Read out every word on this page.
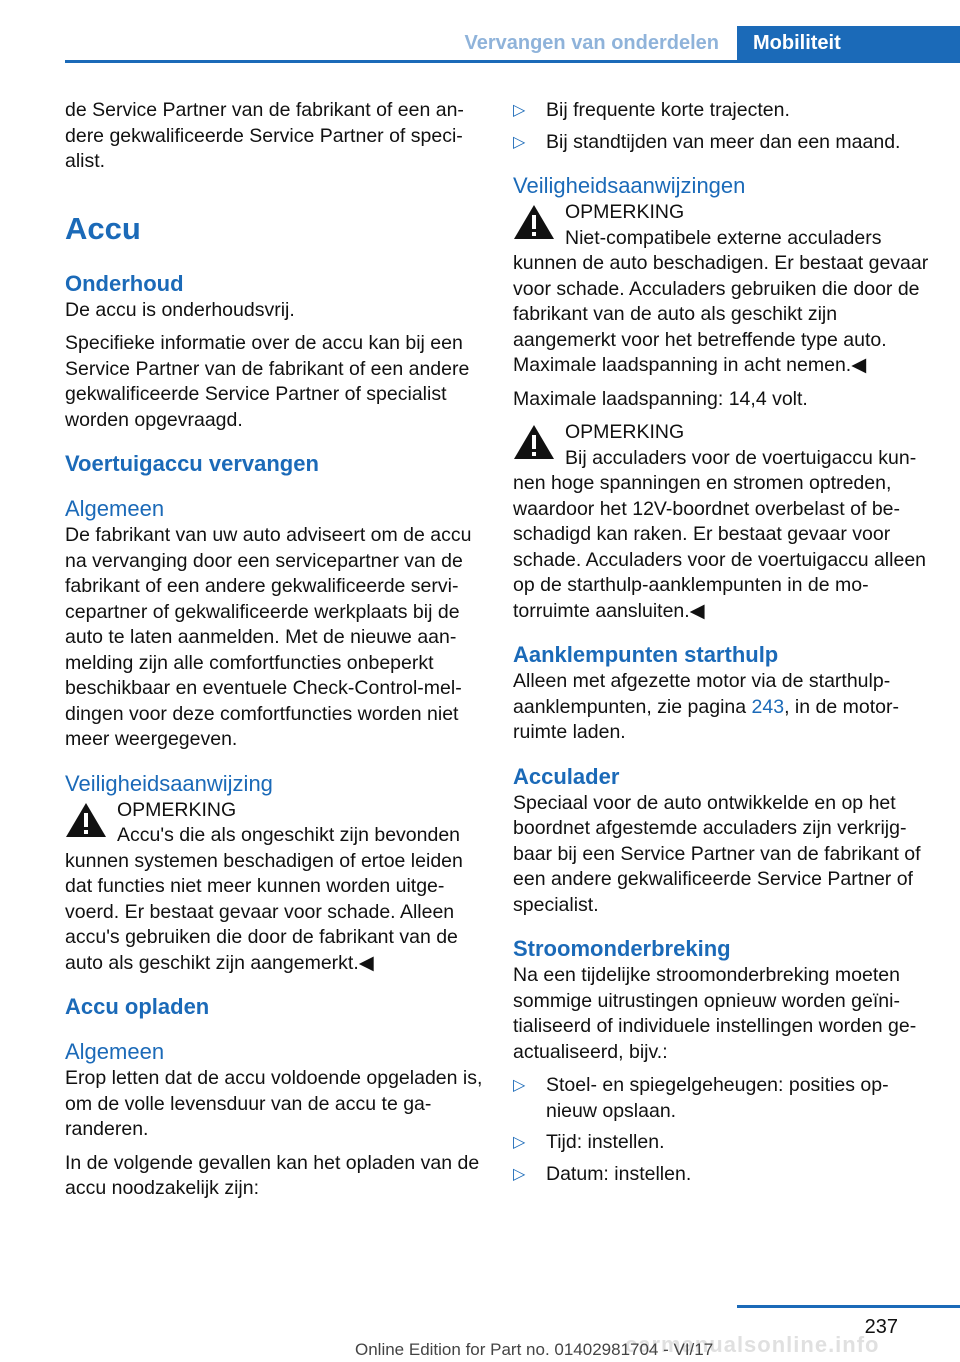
Vervangen van onderdelen	Mobiliteit

de Service Partner van de fabrikant of een andere gekwalificeerde Service Partner of specialist.

Accu

Onderhoud

De accu is onderhoudsvrij.

Specifieke informatie over de accu kan bij een Service Partner van de fabrikant of een andere gekwalificeerde Service Partner of specialist worden opgevraagd.

Voertuigaccu vervangen

Algemeen

De fabrikant van uw auto adviseert om de accu na vervanging door een servicepartner van de fabrikant of een andere gekwalificeerde servicepartner of gekwalificeerde werkplaats bij de auto te laten aanmelden. Met de nieuwe aanmelding zijn alle comfortfuncties onbeperkt beschikbaar en eventuele Check-Control-meldingen voor deze comfortfuncties worden niet meer weergegeven.

Veiligheidsaanwijzing

OPMERKING
Accu's die als ongeschikt zijn bevonden kunnen systemen beschadigen of ertoe leiden dat functies niet meer kunnen worden uitgevoerd. Er bestaat gevaar voor schade. Alleen accu's gebruiken die door de fabrikant van de auto als geschikt zijn aangemerkt.◀

Accu opladen

Algemeen

Erop letten dat de accu voldoende opgeladen is, om de volle levensduur van de accu te garanderen.

In de volgende gevallen kan het opladen van de accu noodzakelijk zijn:

▷ Bij frequente korte trajecten.
▷ Bij standtijden van meer dan een maand.

Veiligheidsaanwijzingen

OPMERKING
Niet-compatibele externe acculaders kunnen de auto beschadigen. Er bestaat gevaar voor schade. Acculaders gebruiken die door de fabrikant van de auto als geschikt zijn aangemerkt voor het betreffende type auto. Maximale laadspanning in acht nemen.◀

Maximale laadspanning: 14,4 volt.

OPMERKING
Bij acculaders voor de voertuigaccu kunnen hoge spanningen en stromen optreden, waardoor het 12V-boordnet overbelast of beschadigd kan raken. Er bestaat gevaar voor schade. Acculaders voor de voertuigaccu alleen op de starthulp-aanklempunten in de motorruimte aansluiten.◀

Aanklempunten starthulp

Alleen met afgezette motor via de starthulp-aanklempunten, zie pagina 243, in de motorruimte laden.

Acculader

Speciaal voor de auto ontwikkelde en op het boordnet afgestemde acculaders zijn verkrijgbaar bij een Service Partner van de fabrikant of een andere gekwalificeerde Service Partner of specialist.

Stroomonderbreking

Na een tijdelijke stroomonderbreking moeten sommige uitrustingen opnieuw worden geïnitialiseerd of individuele instellingen worden geactualiseerd, bijv.:

▷ Stoel- en spiegelgeheugen: posities opnieuw opslaan.
▷ Tijd: instellen.
▷ Datum: instellen.
237
carmanualsonline.info
Online Edition for Part no. 01402981704 - VI/17
